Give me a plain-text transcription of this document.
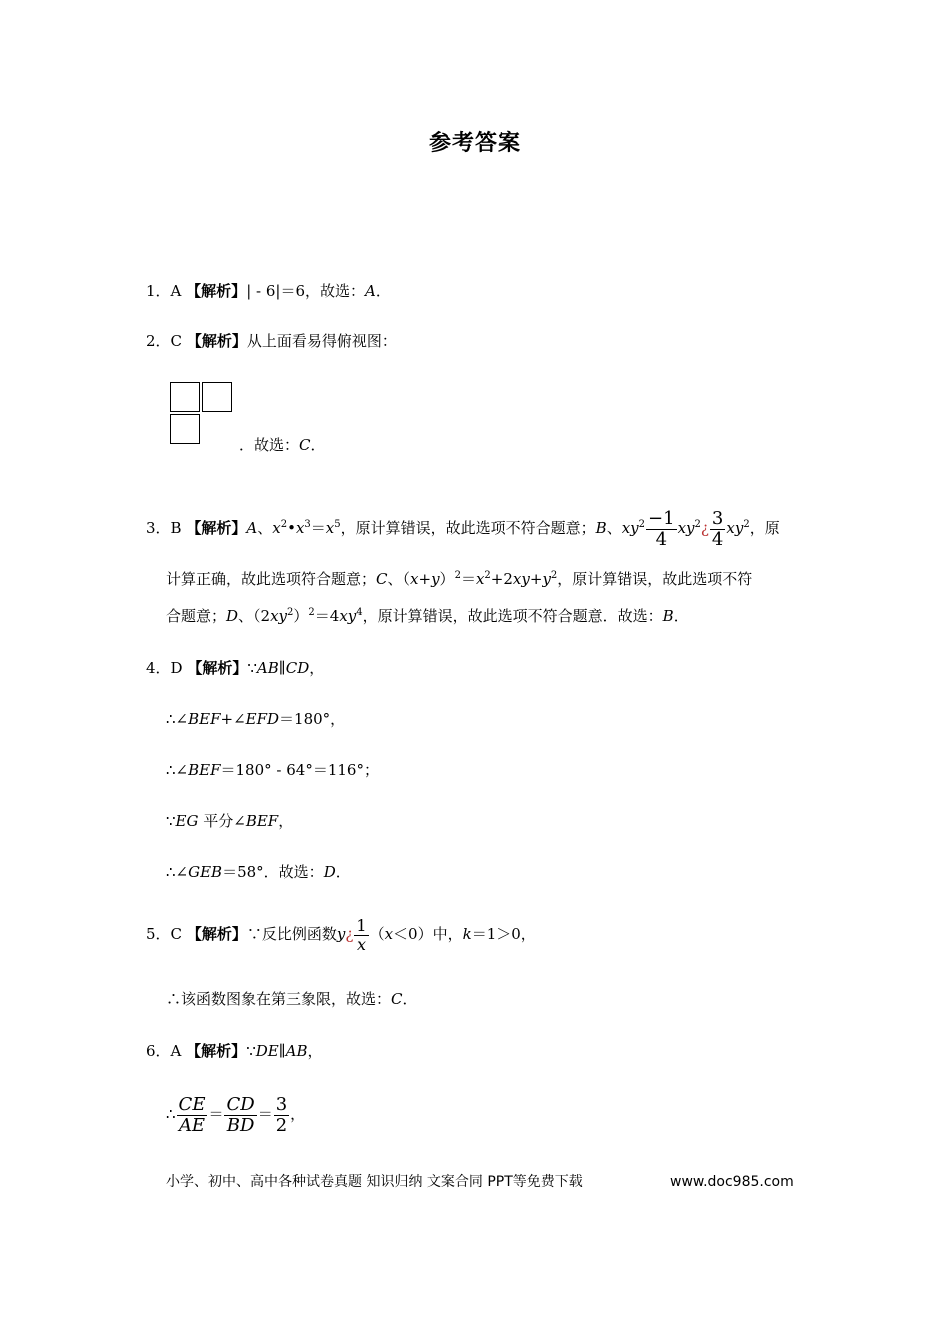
参考答案
1．A 【解析】| - 6|＝6，故选：A．
2．C 【解析】从上面看易得俯视图：
．故选：C．
3．B 【解析】A、$x^2•x^3=x^5$，原计算错误，故此选项不符合题意；B、$xy^2 \frac{-1}{4}$ $xy^2¿ \frac{3}{4} xy^2$，原
计算正确，故此选项符合题意；C、$(x+y)^2=x^2+2xy+y^2$，原计算错误，故此选项不符
合题意；D、$(2xy^2)^2=4xy^4$，原计算错误，故此选项不符合题意．故选：B．
4．D 【解析】∵AB∥CD，
∴∠BEF+∠EFD＝180°，
∴∠BEF＝180° - 64°＝116°；
∵EG 平分∠BEF，
∴∠GEB＝58°．故选：D．
5．C 【解析】∵反比例函数y¿ $\frac{1}{x} (x<0)$中，k＝1＞0，
∴该函数图象在第三象限，故选：C．
6．A 【解析】∵DE∥AB，
∴ $\frac{CE}{AE} = \frac{CD}{BD} = \frac{3}{2}$ ，
小学、初中、高中各种试卷真题 知识归纳 文案合同 PPT等免费下载	www.doc985.com
